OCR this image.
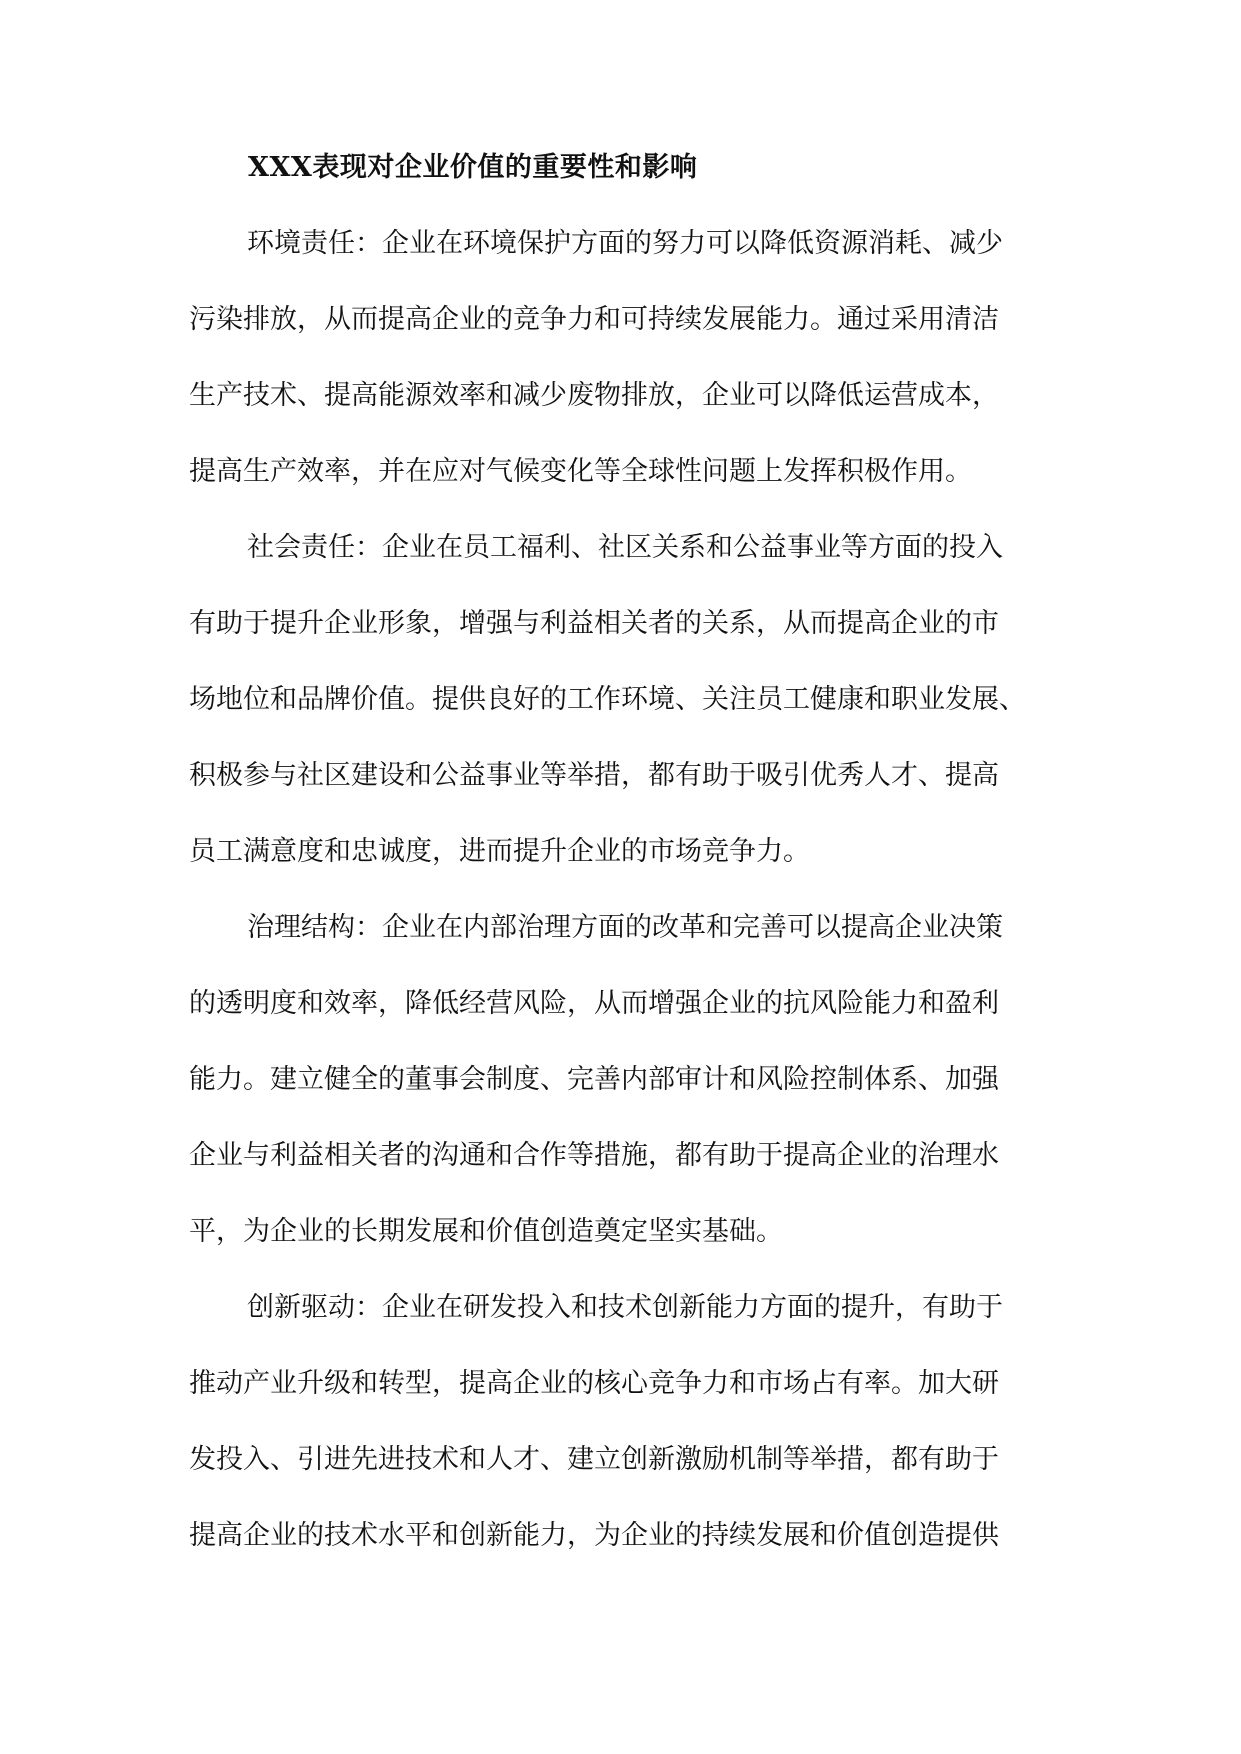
XXX表现对企业价值的重要性和影响
环境责任：企业在环境保护方面的努力可以降低资源消耗、减少
污染排放，从而提高企业的竞争力和可持续发展能力。通过采用清洁
生产技术、提高能源效率和减少废物排放，企业可以降低运营成本，
提高生产效率，并在应对气候变化等全球性问题上发挥积极作用。
社会责任：企业在员工福利、社区关系和公益事业等方面的投入
有助于提升企业形象，增强与利益相关者的关系，从而提高企业的市
场地位和品牌价值。提供良好的工作环境、关注员工健康和职业发展、
积极参与社区建设和公益事业等举措，都有助于吸引优秀人才、提高
员工满意度和忠诚度，进而提升企业的市场竞争力。
治理结构：企业在内部治理方面的改革和完善可以提高企业决策
的透明度和效率，降低经营风险，从而增强企业的抗风险能力和盈利
能力。建立健全的董事会制度、完善内部审计和风险控制体系、加强
企业与利益相关者的沟通和合作等措施，都有助于提高企业的治理水
平，为企业的长期发展和价值创造奠定坚实基础。
创新驱动：企业在研发投入和技术创新能力方面的提升，有助于
推动产业升级和转型，提高企业的核心竞争力和市场占有率。加大研
发投入、引进先进技术和人才、建立创新激励机制等举措，都有助于
提高企业的技术水平和创新能力，为企业的持续发展和价值创造提供
